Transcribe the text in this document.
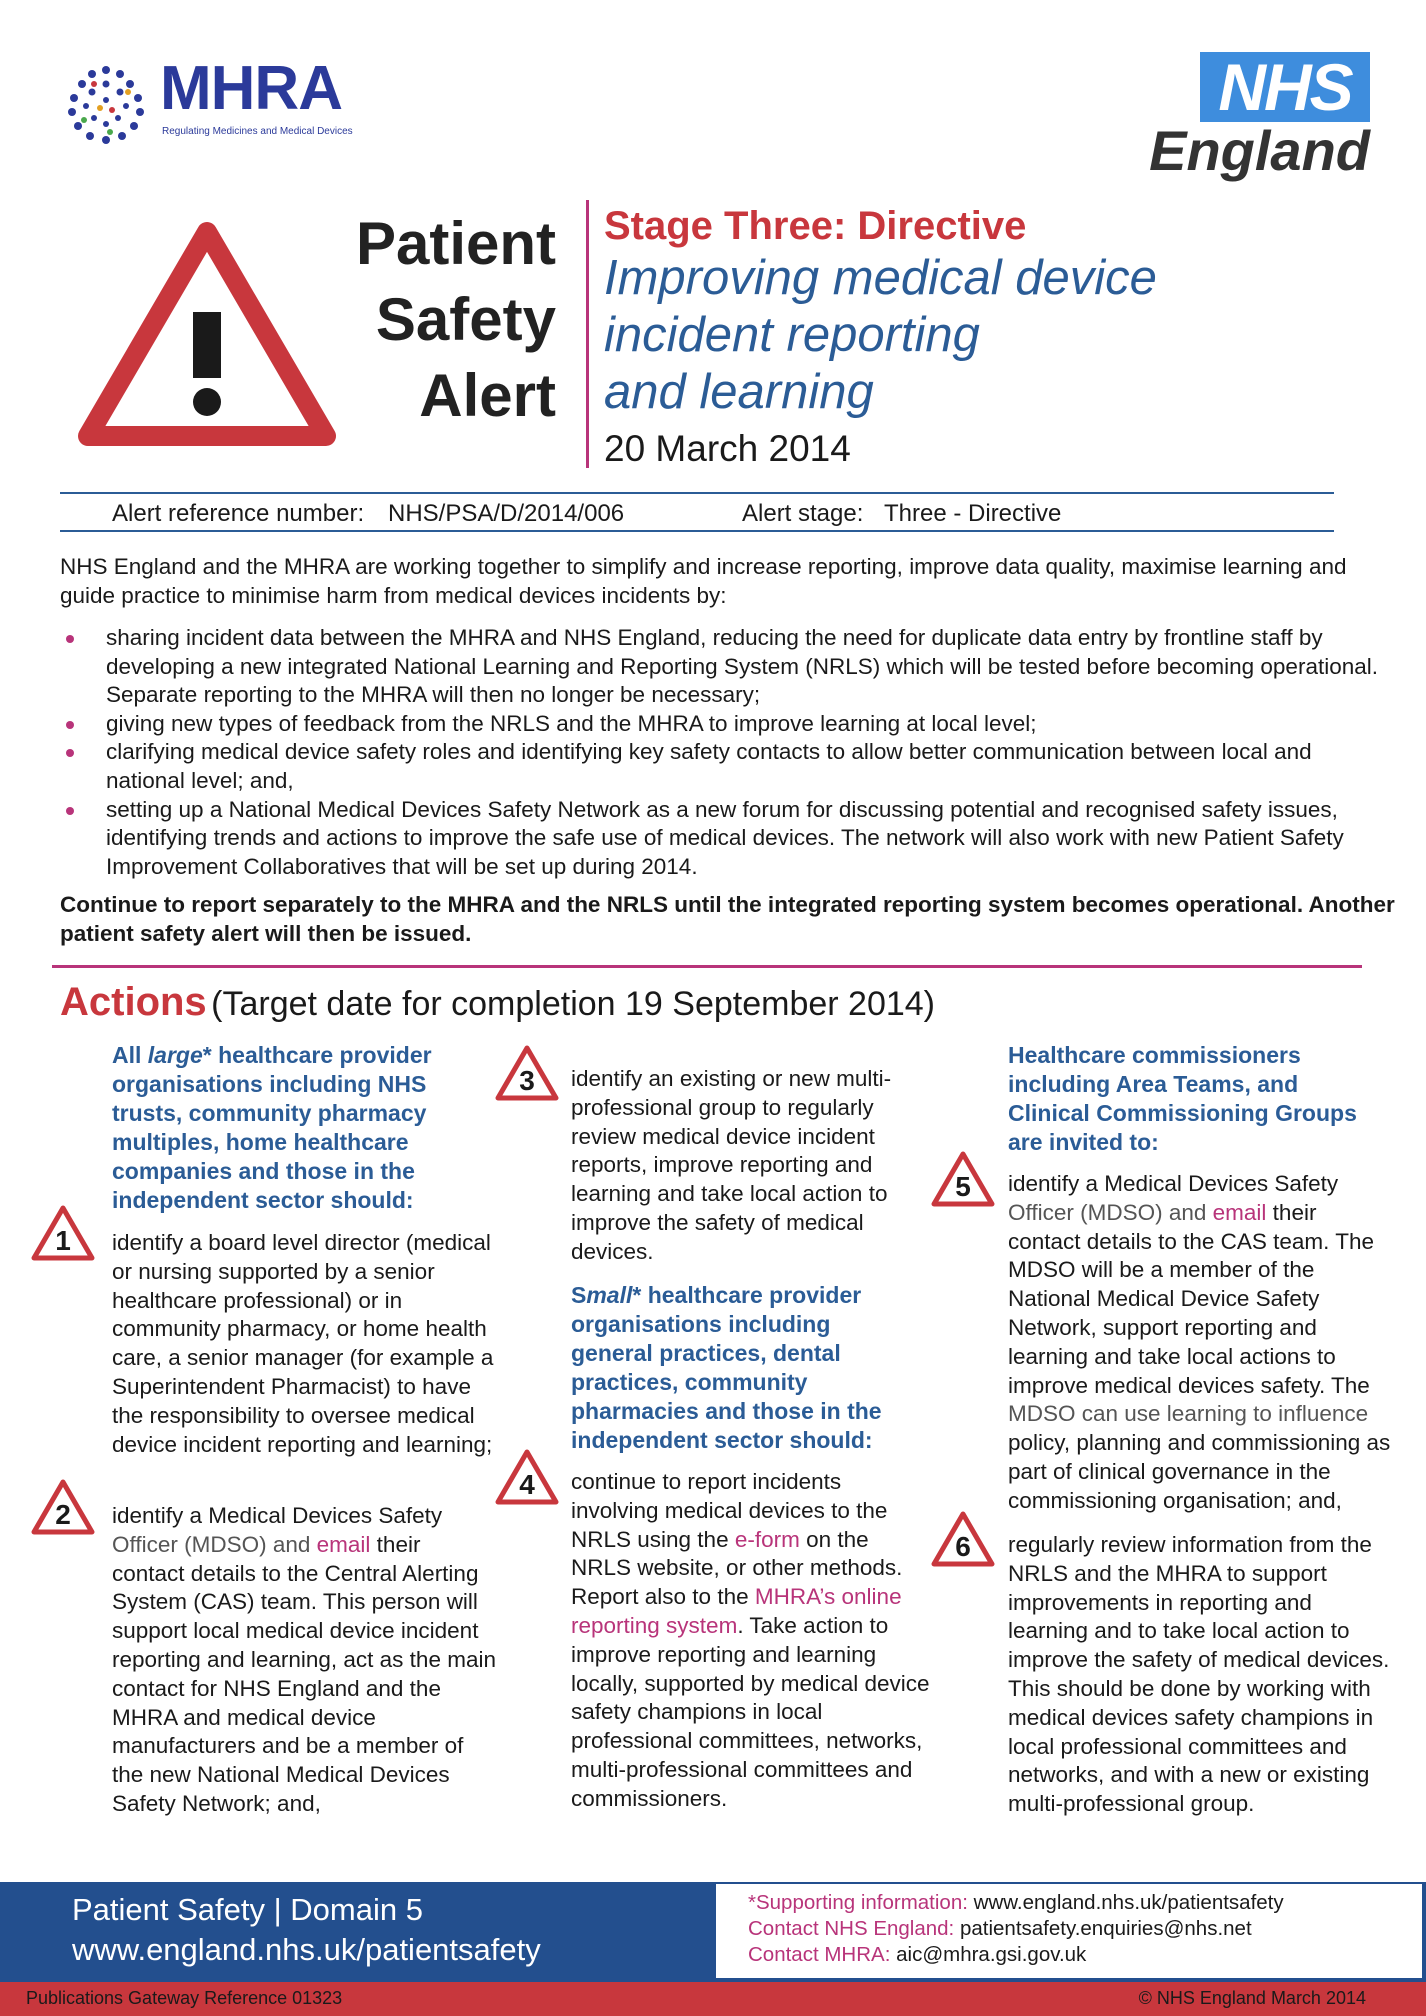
MHRA
Regulating Medicines and Medical Devices
NHS
England
Patient
Safety
Alert
Stage Three: Directive
Improving medical device
incident reporting
and learning
20 March 2014
Alert reference number: NHS/PSA/D/2014/006	Alert stage: Three - Directive
NHS England and the MHRA are working together to simplify and increase reporting, improve data quality, maximise learning and guide practice to minimise harm from medical devices incidents by:
sharing incident data between the MHRA and NHS England, reducing the need for duplicate data entry by frontline staff by developing a new integrated National Learning and Reporting System (NRLS) which will be tested before becoming operational. Separate reporting to the MHRA will then no longer be necessary;
giving new types of feedback from the NRLS and the MHRA to improve learning at local level;
clarifying medical device safety roles and identifying key safety contacts to allow better communication between local and national level; and,
setting up a National Medical Devices Safety Network as a new forum for discussing potential and recognised safety issues, identifying trends and actions to improve the safe use of medical devices. The network will also work with new Patient Safety Improvement Collaboratives that will be set up during 2014.
Continue to report separately to the MHRA and the NRLS until the integrated reporting system becomes operational. Another patient safety alert will then be issued.
Actions (Target date for completion 19 September 2014)
All large* healthcare provider organisations including NHS trusts, community pharmacy multiples, home healthcare companies and those in the independent sector should:
1 identify a board level director (medical or nursing supported by a senior healthcare professional) or in community pharmacy, or home health care, a senior manager (for example a Superintendent Pharmacist) to have the responsibility to oversee medical device incident reporting and learning;
2 identify a Medical Devices Safety Officer (MDSO) and email their contact details to the Central Alerting System (CAS) team. This person will support local medical device incident reporting and learning, act as the main contact for NHS England and the MHRA and medical device manufacturers and be a member of the new National Medical Devices Safety Network; and,
3 identify an existing or new multi-professional group to regularly review medical device incident reports, improve reporting and learning and take local action to improve the safety of medical devices.
Small* healthcare provider organisations including general practices, dental practices, community pharmacies and those in the independent sector should:
4 continue to report incidents involving medical devices to the NRLS using the e-form on the NRLS website, or other methods. Report also to the MHRA’s online reporting system. Take action to improve reporting and learning locally, supported by medical device safety champions in local professional committees, networks, multi-professional committees and commissioners.
Healthcare commissioners including Area Teams, and Clinical Commissioning Groups are invited to:
5 identify a Medical Devices Safety Officer (MDSO) and email their contact details to the CAS team. The MDSO will be a member of the National Medical Device Safety Network, support reporting and learning and take local actions to improve medical devices safety. The MDSO can use learning to influence policy, planning and commissioning as part of clinical governance in the commissioning organisation; and,
6 regularly review information from the NRLS and the MHRA to support improvements in reporting and learning and to take local action to improve the safety of medical devices. This should be done by working with medical devices safety champions in local professional committees and networks, and with a new or existing multi-professional group.
Patient Safety | Domain 5
www.england.nhs.uk/patientsafety
*Supporting information: www.england.nhs.uk/patientsafety
Contact NHS England: patientsafety.enquiries@nhs.net
Contact MHRA: aic@mhra.gsi.gov.uk
Publications Gateway Reference 01323	© NHS England March 2014
